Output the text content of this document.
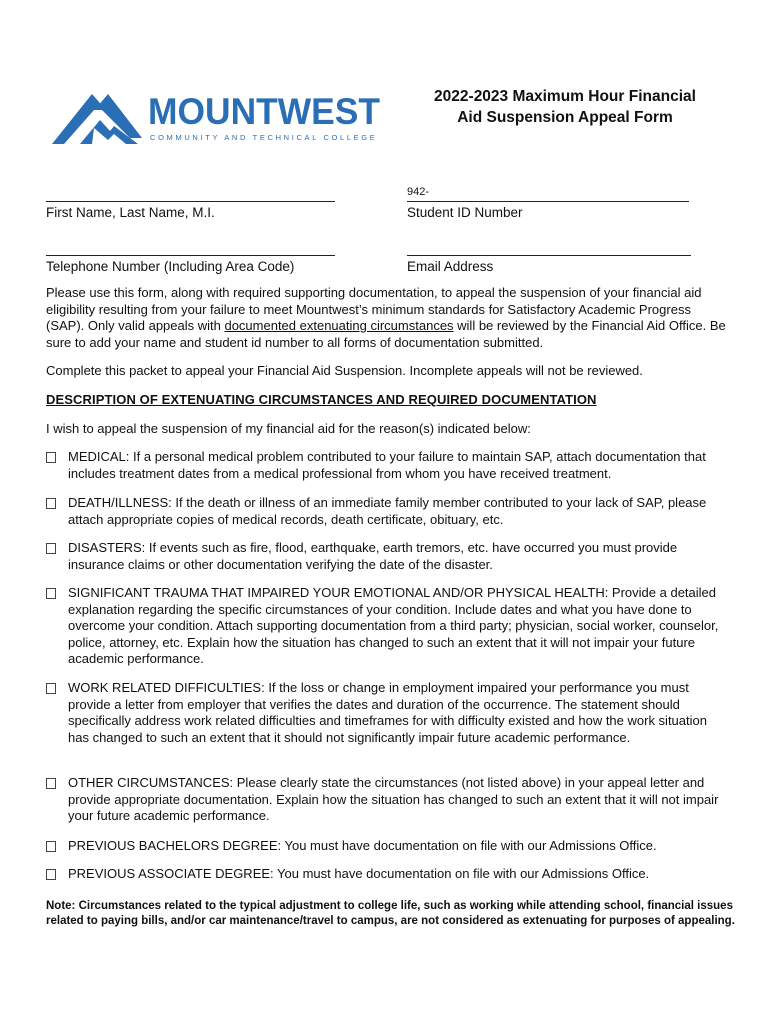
MOUNTWEST
COMMUNITY AND TECHNICAL COLLEGE
2022-2023 Maximum Hour Financial
Aid Suspension Appeal Form
First Name, Last Name, M.I.
942-
Student ID Number
Telephone Number (Including Area Code)	Email Address

Please use this form, along with required supporting documentation, to appeal the suspension of your financial aid eligibility resulting from your failure to meet Mountwest’s minimum standards for Satisfactory Academic Progress (SAP). Only valid appeals with documented extenuating circumstances will be reviewed by the Financial Aid Office. Be sure to add your name and student id number to all forms of documentation submitted.

Complete this packet to appeal your Financial Aid Suspension. Incomplete appeals will not be reviewed.

DESCRIPTION OF EXTENUATING CIRCUMSTANCES AND REQUIRED DOCUMENTATION

I wish to appeal the suspension of my financial aid for the reason(s) indicated below:

MEDICAL: If a personal medical problem contributed to your failure to maintain SAP, attach documentation that includes treatment dates from a medical professional from whom you have received treatment.
DEATH/ILLNESS: If the death or illness of an immediate family member contributed to your lack of SAP, please attach appropriate copies of medical records, death certificate, obituary, etc.
DISASTERS: If events such as fire, flood, earthquake, earth tremors, etc. have occurred you must provide insurance claims or other documentation verifying the date of the disaster.
SIGNIFICANT TRAUMA THAT IMPAIRED YOUR EMOTIONAL AND/OR PHYSICAL HEALTH: Provide a detailed explanation regarding the specific circumstances of your condition. Include dates and what you have done to overcome your condition. Attach supporting documentation from a third party; physician, social worker, counselor, police, attorney, etc. Explain how the situation has changed to such an extent that it will not impair your future academic performance.
WORK RELATED DIFFICULTIES: If the loss or change in employment impaired your performance you must provide a letter from employer that verifies the dates and duration of the occurrence. The statement should specifically address work related difficulties and timeframes for with difficulty existed and how the work situation has changed to such an extent that it should not significantly impair future academic performance.
OTHER CIRCUMSTANCES: Please clearly state the circumstances (not listed above) in your appeal letter and provide appropriate documentation. Explain how the situation has changed to such an extent that it will not impair your future academic performance.
PREVIOUS BACHELORS DEGREE: You must have documentation on file with our Admissions Office.
PREVIOUS ASSOCIATE DEGREE: You must have documentation on file with our Admissions Office.
Note: Circumstances related to the typical adjustment to college life, such as working while attending school, financial issues related to paying bills, and/or car maintenance/travel to campus, are not considered as extenuating for purposes of appealing.
